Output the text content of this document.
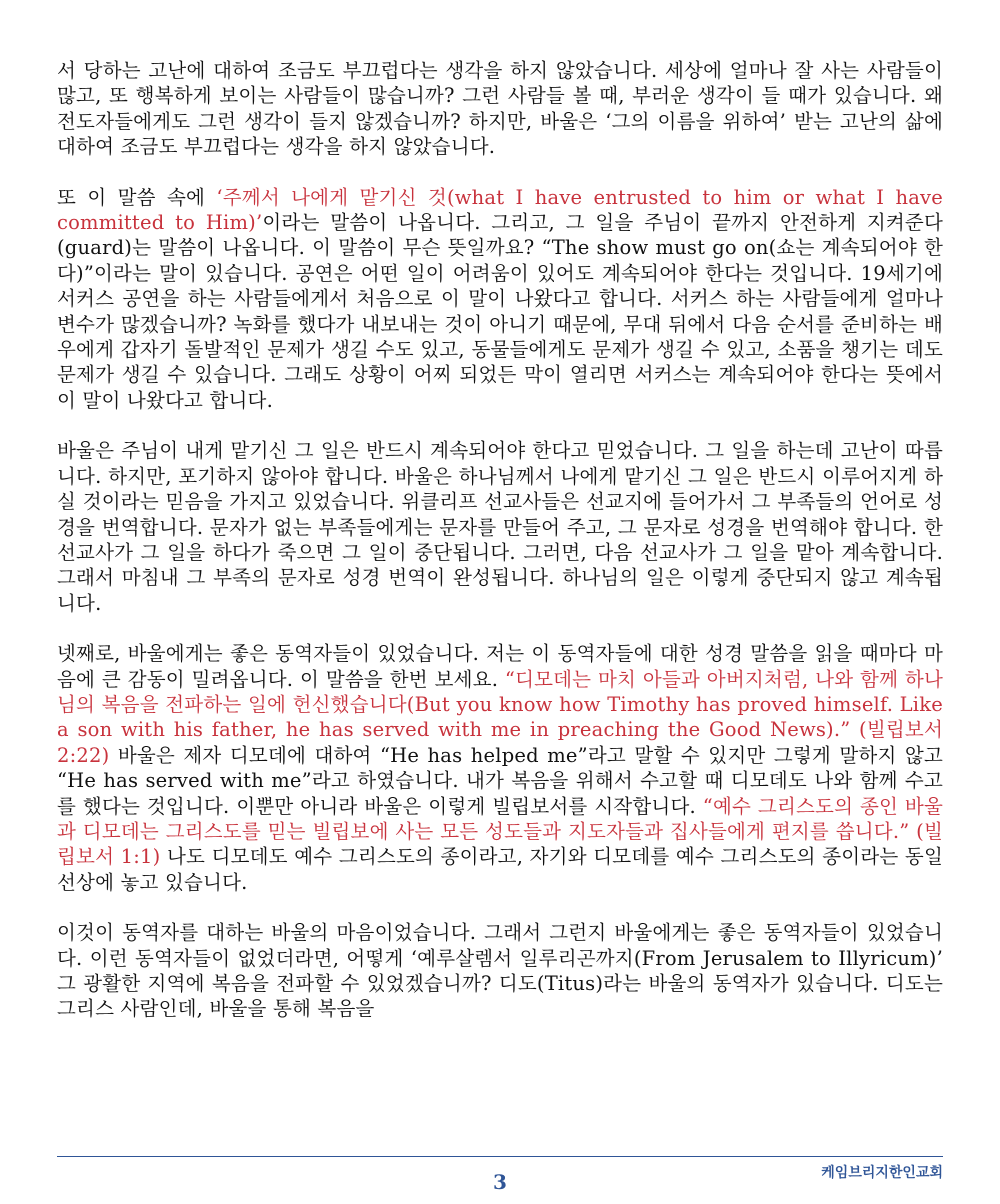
서 당하는 고난에 대하여 조금도 부끄럽다는 생각을 하지 않았습니다. 세상에 얼마나 잘 사는 사람들이 많고, 또 행복하게 보이는 사람들이 많습니까? 그런 사람들 볼 때, 부러운 생각이 들 때가 있습니다. 왜 전도자들에게도 그런 생각이 들지 않겠습니까? 하지만, 바울은 ‘그의 이름을 위하여’ 받는 고난의 삶에 대하여 조금도 부끄럽다는 생각을 하지 않았습니다.

또 이 말씀 속에 ‘주께서 나에게 맡기신 것(what I have entrusted to him or what I have committed to Him)’이라는 말씀이 나옵니다. 그리고, 그 일을 주님이 끝까지 안전하게 지켜준다(guard)는 말씀이 나옵니다. 이 말씀이 무슨 뜻일까요? “The show must go on(쇼는 계속되어야 한다)”이라는 말이 있습니다. 공연은 어떤 일이 어려움이 있어도 계속되어야 한다는 것입니다. 19세기에 서커스 공연을 하는 사람들에게서 처음으로 이 말이 나왔다고 합니다. 서커스 하는 사람들에게 얼마나 변수가 많겠습니까? 녹화를 했다가 내보내는 것이 아니기 때문에, 무대 뒤에서 다음 순서를 준비하는 배우에게 갑자기 돌발적인 문제가 생길 수도 있고, 동물들에게도 문제가 생길 수 있고, 소품을 챙기는 데도 문제가 생길 수 있습니다. 그래도 상황이 어찌 되었든 막이 열리면 서커스는 계속되어야 한다는 뜻에서 이 말이 나왔다고 합니다.

바울은 주님이 내게 맡기신 그 일은 반드시 계속되어야 한다고 믿었습니다. 그 일을 하는데 고난이 따릅니다. 하지만, 포기하지 않아야 합니다. 바울은 하나님께서 나에게 맡기신 그 일은 반드시 이루어지게 하실 것이라는 믿음을 가지고 있었습니다. 위클리프 선교사들은 선교지에 들어가서 그 부족들의 언어로 성경을 번역합니다. 문자가 없는 부족들에게는 문자를 만들어 주고, 그 문자로 성경을 번역해야 합니다. 한 선교사가 그 일을 하다가 죽으면 그 일이 중단됩니다. 그러면, 다음 선교사가 그 일을 맡아 계속합니다. 그래서 마침내 그 부족의 문자로 성경 번역이 완성됩니다. 하나님의 일은 이렇게 중단되지 않고 계속됩니다.

넷째로, 바울에게는 좋은 동역자들이 있었습니다. 저는 이 동역자들에 대한 성경 말씀을 읽을 때마다 마음에 큰 감동이 밀려옵니다. 이 말씀을 한번 보세요. “디모데는 마치 아들과 아버지처럼, 나와 함께 하나님의 복음을 전파하는 일에 헌신했습니다(But you know how Timothy has proved himself. Like a son with his father, he has served with me in preaching the Good News).” (빌립보서 2:22) 바울은 제자 디모데에 대하여 “He has helped me”라고 말할 수 있지만 그렇게 말하지 않고 “He has served with me”라고 하였습니다. 내가 복음을 위해서 수고할 때 디모데도 나와 함께 수고를 했다는 것입니다. 이뿐만 아니라 바울은 이렇게 빌립보서를 시작합니다. “예수 그리스도의 종인 바울과 디모데는 그리스도를 믿는 빌립보에 사는 모든 성도들과 지도자들과 집사들에게 편지를 씁니다.” (빌립보서 1:1) 나도 디모데도 예수 그리스도의 종이라고, 자기와 디모데를 예수 그리스도의 종이라는 동일 선상에 놓고 있습니다.

이것이 동역자를 대하는 바울의 마음이었습니다. 그래서 그런지 바울에게는 좋은 동역자들이 있었습니다. 이런 동역자들이 없었더라면, 어떻게 ‘예루살렘서 일루리곤까지(From Jerusalem to Illyricum)’ 그 광활한 지역에 복음을 전파할 수 있었겠습니까? 디도(Titus)라는 바울의 동역자가 있습니다. 디도는 그리스 사람인데, 바울을 통해 복음을

3	케임브리지한인교회
